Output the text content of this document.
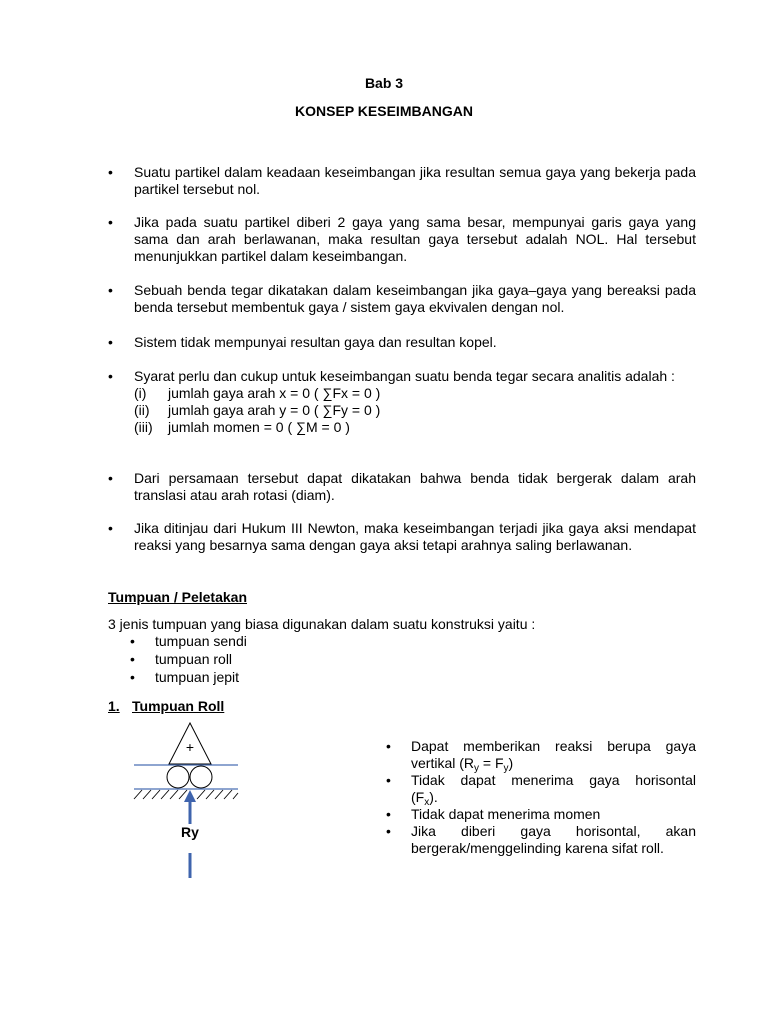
Bab 3
KONSEP KESEIMBANGAN
•	Suatu partikel dalam keadaan keseimbangan jika resultan semua gaya yang bekerja pada partikel tersebut nol.
•	Jika pada suatu partikel diberi 2 gaya yang sama besar, mempunyai garis gaya yang sama dan arah berlawanan, maka resultan gaya tersebut adalah NOL. Hal tersebut menunjukkan partikel dalam keseimbangan.
•	Sebuah benda tegar dikatakan dalam keseimbangan jika gaya–gaya yang bereaksi pada benda tersebut membentuk gaya / sistem gaya ekvivalen dengan nol.
•	Sistem tidak mempunyai resultan gaya dan resultan kopel.
•	Syarat perlu dan cukup untuk keseimbangan suatu benda tegar secara analitis adalah :
(i)	jumlah gaya arah x = 0 ( ∑Fx = 0 )
(ii)	jumlah gaya arah y = 0 ( ∑Fy = 0 )
(iii)	jumlah momen = 0 ( ∑M = 0 )
•	Dari persamaan tersebut dapat dikatakan bahwa benda tidak bergerak dalam arah translasi atau arah rotasi (diam).
•	Jika ditinjau dari Hukum III Newton, maka keseimbangan terjadi jika gaya aksi mendapat reaksi yang besarnya sama dengan gaya aksi tetapi arahnya saling berlawanan.
Tumpuan / Peletakan
3 jenis tumpuan yang biasa digunakan dalam suatu konstruksi yaitu :
•	tumpuan sendi
•	tumpuan roll
•	tumpuan jepit
1. Tumpuan Roll
+
Ry
• Dapat memberikan reaksi berupa gaya
vertikal $(R_y = F_y)$
• Tidak dapat menerima gaya horisontal
$(F_x)$.
• Tidak dapat menerima momen
• Jika diberi gaya horisontal, akan bergerak/menggelinding karena sifat roll.
